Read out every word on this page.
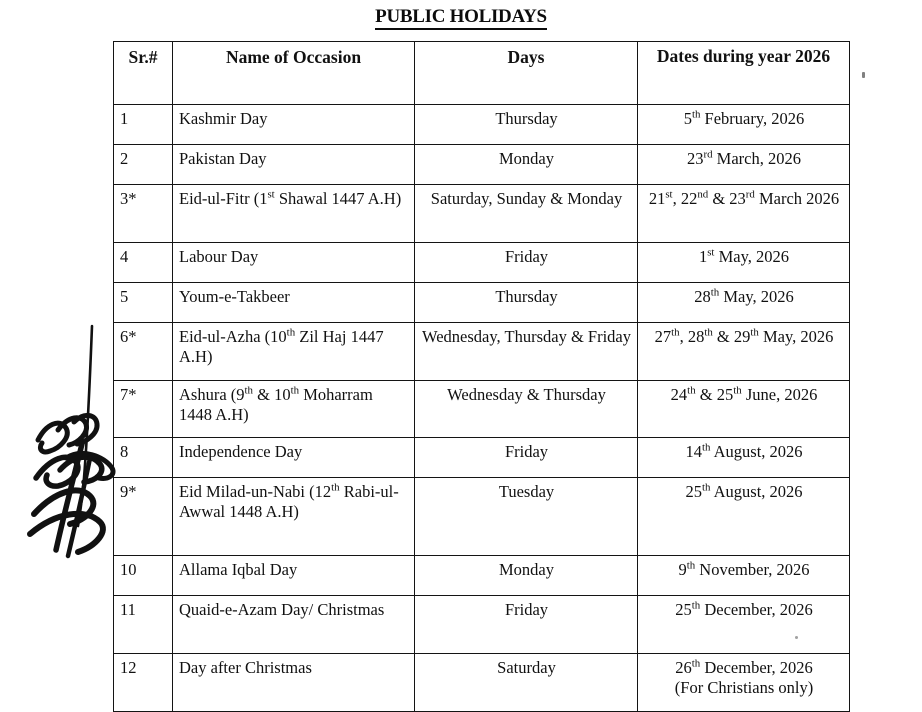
PUBLIC HOLIDAYS
Sr.#	Name of Occasion	Days	Dates during year 2026
1	Kashmir Day	Thursday	5th February, 2026
2	Pakistan Day	Monday	23rd March, 2026
3*	Eid-ul-Fitr (1st Shawal 1447 A.H)	Saturday, Sunday & Monday	21st, 22nd & 23rd March 2026
4	Labour Day	Friday	1st May, 2026
5	Youm-e-Takbeer	Thursday	28th May, 2026
6*	Eid-ul-Azha (10th Zil Haj 1447 A.H)	Wednesday, Thursday & Friday	27th, 28th & 29th May, 2026
7*	Ashura (9th & 10th Moharram 1448 A.H)	Wednesday & Thursday	24th & 25th June, 2026
8	Independence Day	Friday	14th August, 2026
9*	Eid Milad-un-Nabi (12th Rabi-ul- Awwal 1448 A.H)	Tuesday	25th August, 2026
10	Allama Iqbal Day	Monday	9th November, 2026
11	Quaid-e-Azam Day/ Christmas	Friday	25th December, 2026
12	Day after Christmas	Saturday	26th December, 2026
(For Christians only)
